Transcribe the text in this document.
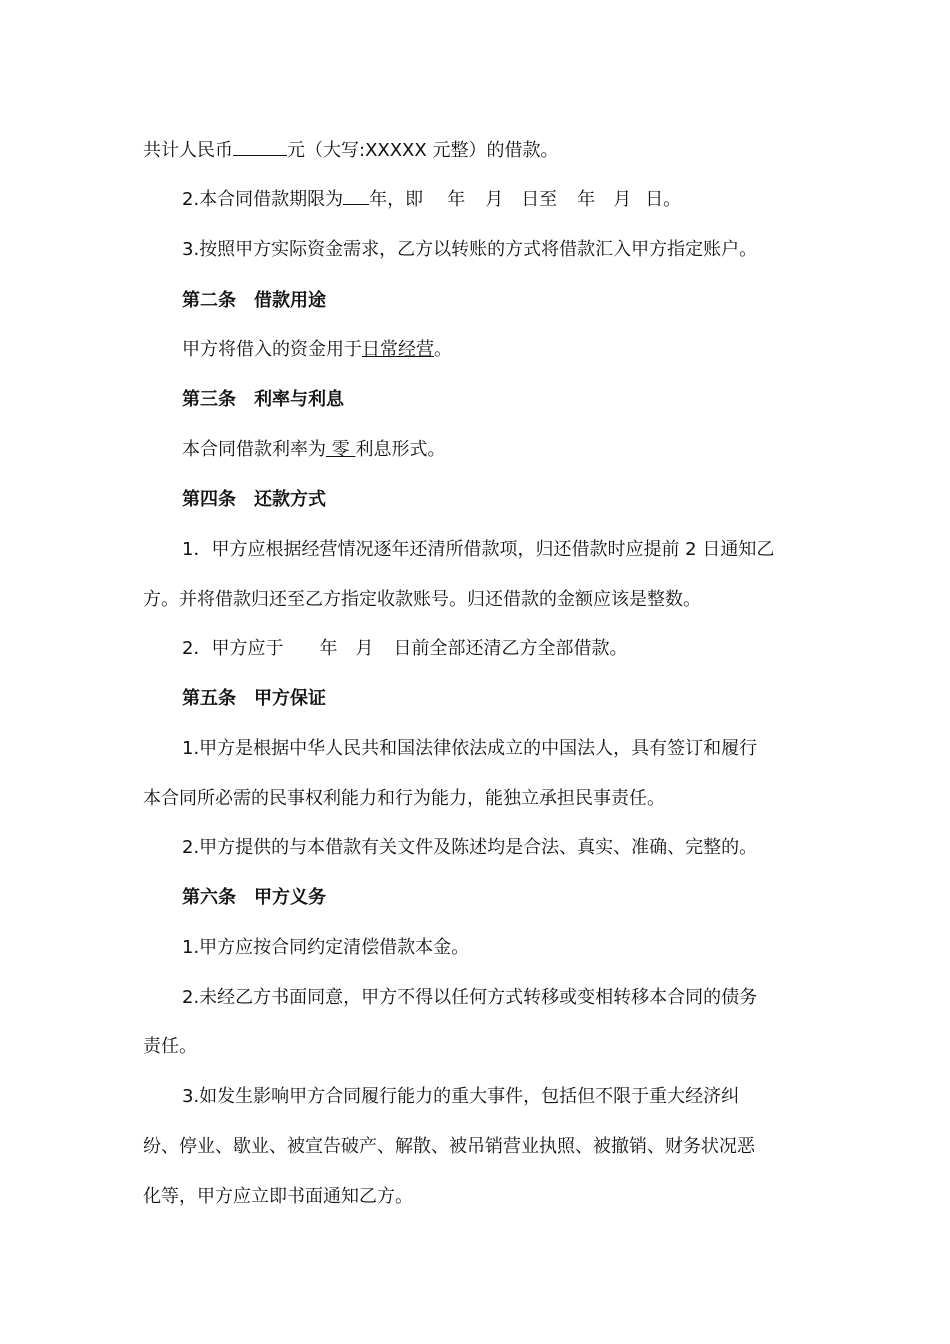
共计人民币	元（大写:XXXXX 元整）的借款。
2.本合同借款期限为 年，即 年 月 日至 年 月 日。
3.按照甲方实际资金需求，乙方以转账的方式将借款汇入甲方指定账户。
第二条　借款用途
甲方将借入的资金用于日常经营。
第三条　利率与利息
本合同借款利率为 零 利息形式。
第四条　还款方式
1．甲方应根据经营情况逐年还清所借款项，归还借款时应提前 2 日通知乙
方。并将借款归还至乙方指定收款账号。归还借款的金额应该是整数。
2．甲方应于 年 月 日前全部还清乙方全部借款。
第五条　甲方保证
1.甲方是根据中华人民共和国法律依法成立的中国法人，具有签订和履行
本合同所必需的民事权利能力和行为能力，能独立承担民事责任。
2.甲方提供的与本借款有关文件及陈述均是合法、真实、准确、完整的。
第六条　甲方义务
1.甲方应按合同约定清偿借款本金。
2.未经乙方书面同意，甲方不得以任何方式转移或变相转移本合同的债务
责任。
3.如发生影响甲方合同履行能力的重大事件，包括但不限于重大经济纠
纷、停业、歇业、被宣告破产、解散、被吊销营业执照、被撤销、财务状况恶
化等，甲方应立即书面通知乙方。
